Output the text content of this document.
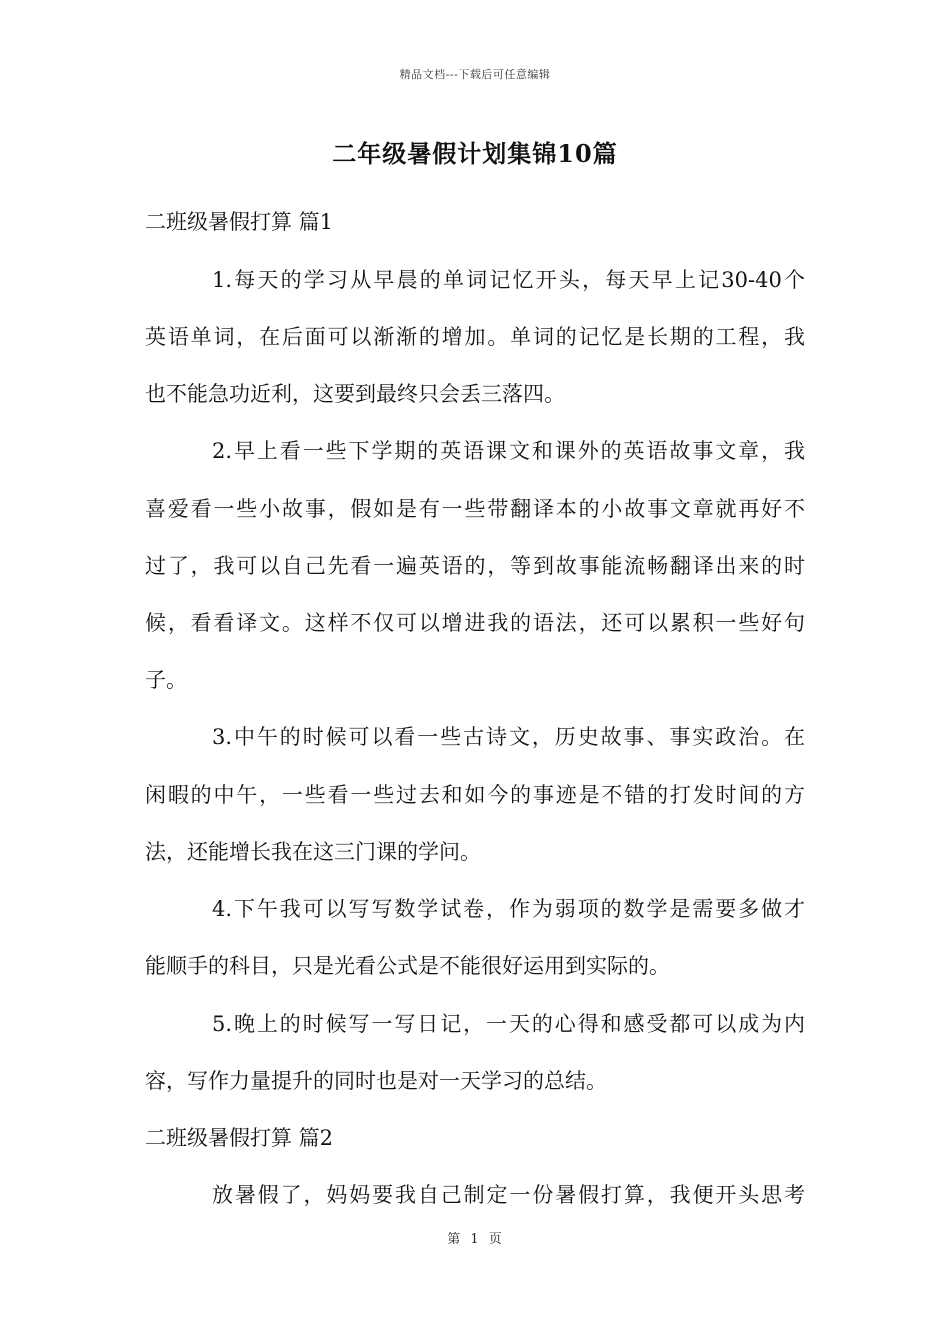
精品文档---下载后可任意编辑
二年级暑假计划集锦10篇
二班级暑假打算 篇1
1.每天的学习从早晨的单词记忆开头，每天早上记30-40个
英语单词，在后面可以渐渐的增加。单词的记忆是长期的工程，我
也不能急功近利，这要到最终只会丢三落四。
2.早上看一些下学期的英语课文和课外的英语故事文章，我
喜爱看一些小故事，假如是有一些带翻译本的小故事文章就再好不
过了，我可以自己先看一遍英语的，等到故事能流畅翻译出来的时
候，看看译文。这样不仅可以增进我的语法，还可以累积一些好句
子。
3.中午的时候可以看一些古诗文，历史故事、事实政治。在
闲暇的中午，一些看一些过去和如今的事迹是不错的打发时间的方
法，还能增长我在这三门课的学问。
4.下午我可以写写数学试卷，作为弱项的数学是需要多做才
能顺手的科目，只是光看公式是不能很好运用到实际的。
5.晚上的时候写一写日记，一天的心得和感受都可以成为内
容，写作力量提升的同时也是对一天学习的总结。
二班级暑假打算 篇2
放暑假了，妈妈要我自己制定一份暑假打算，我便开头思考
第 1 页
